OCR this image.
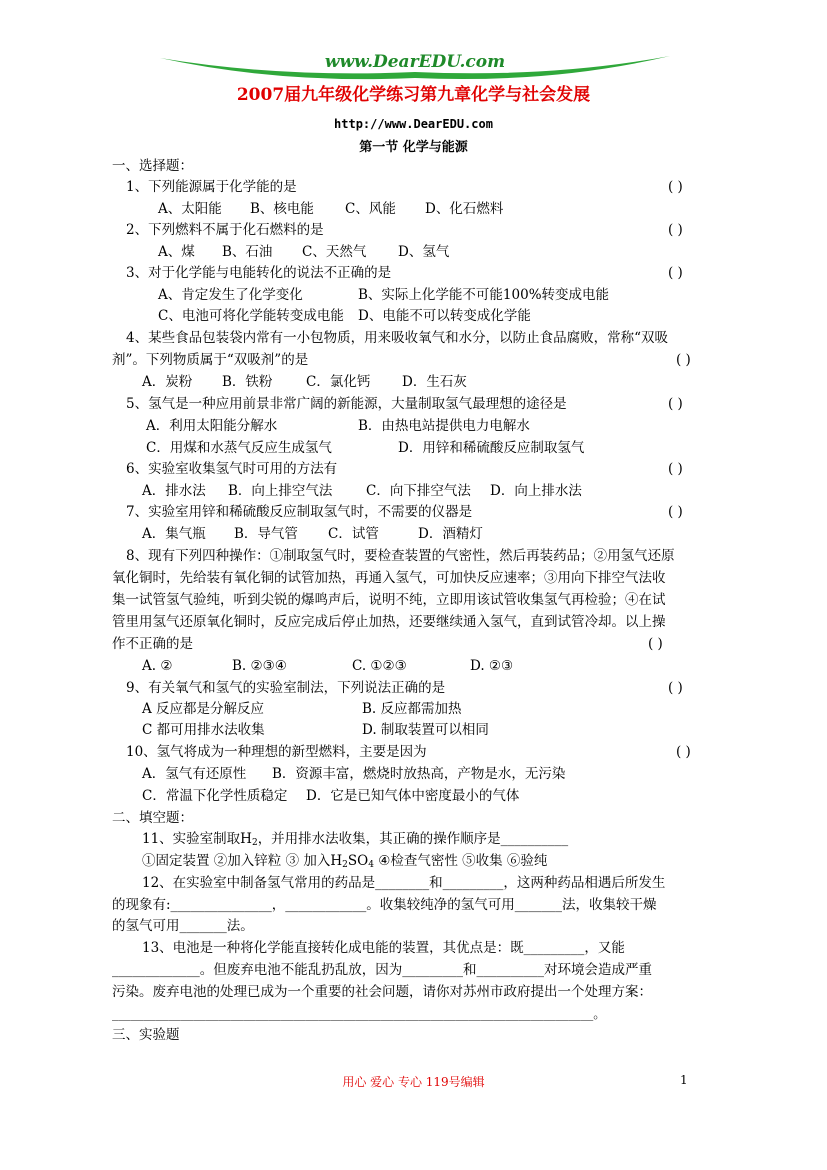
www.DearEDU.com
2007届九年级化学练习第九章化学与社会发展
http://www.DearEDU.com
第一节 化学与能源
一、选择题：
1、下列能源属于化学能的是	( )
A、太阳能 B、核电能 C、风能 D、化石燃料
2、下列燃料不属于化石燃料的是	( )
A、煤 B、石油 C、天然气 D、氢气
3、对于化学能与电能转化的说法不正确的是	( )
A、肯定发生了化学变化	B、实际上化学能不可能100%转变成电能
C、电池可将化学能转变成电能 D、电能不可以转变成化学能
4、某些食品包装袋内常有一小包物质，用来吸收氧气和水分，以防止食品腐败，常称“双吸
剂”。下列物质属于“双吸剂”的是	( )
A．炭粉 B．铁粉 C．氯化钙 D．生石灰
5、氢气是一种应用前景非常广阔的新能源，大量制取氢气最理想的途径是	( )
A．利用太阳能分解水	B．由热电站提供电力电解水
C．用煤和水蒸气反应生成氢气	D．用锌和稀硫酸反应制取氢气
6、实验室收集氢气时可用的方法有	( )
A．排水法 B．向上排空气法 C．向下排空气法 D．向上排水法
7、实验室用锌和稀硫酸反应制取氢气时，不需要的仪器是	( )
A．集气瓶 B．导气管 C．试管	D．酒精灯
8、现有下列四种操作：①制取氢气时，要检查装置的气密性，然后再装药品；②用氢气还原
氧化铜时，先给装有氧化铜的试管加热，再通入氢气，可加快反应速率；③用向下排空气法收
集一试管氢气验纯，听到尖锐的爆鸣声后，说明不纯，立即用该试管收集氢气再检验；④在试
管里用氢气还原氧化铜时，反应完成后停止加热，还要继续通入氢气，直到试管冷却。以上操
作不正确的是	( )
A. ②	B. ②③④	C. ①②③	D. ②③
9、有关氧气和氢气的实验室制法，下列说法正确的是	( )
A 反应都是分解反应	B. 反应都需加热
C 都可用排水法收集	D. 制取装置可以相同
10、氢气将成为一种理想的新型燃料，主要是因为	( )
A．氢气有还原性 B．资源丰富，燃烧时放热高，产物是水，无污染
C．常温下化学性质稳定 D．它是已知气体中密度最小的气体
二、填空题：
11、实验室制取$H_2$，并用排水法收集，其正确的操作顺序是__________
①固定装置 ②加入锌粒 ③ 加入$H_2SO_4$ ④检查气密性 ⑤收集 ⑥验纯
12、在实验室中制备氢气常用的药品是________和_________，这两种药品相遇后所发生
的现象有:_______________，____________。收集较纯净的氢气可用_______法，收集较干燥
的氢气可用_______法。
13、电池是一种将化学能直接转化成电能的装置，其优点是：既_________，又能
_____________。但废弃电池不能乱扔乱放，因为_________和__________对环境会造成严重
污染。废弃电池的处理已成为一个重要的社会问题，请你对苏州市政府提出一个处理方案：
_____________________________________________________________________________。
三、实验题
用心 爱心 专心 119号编辑	1
